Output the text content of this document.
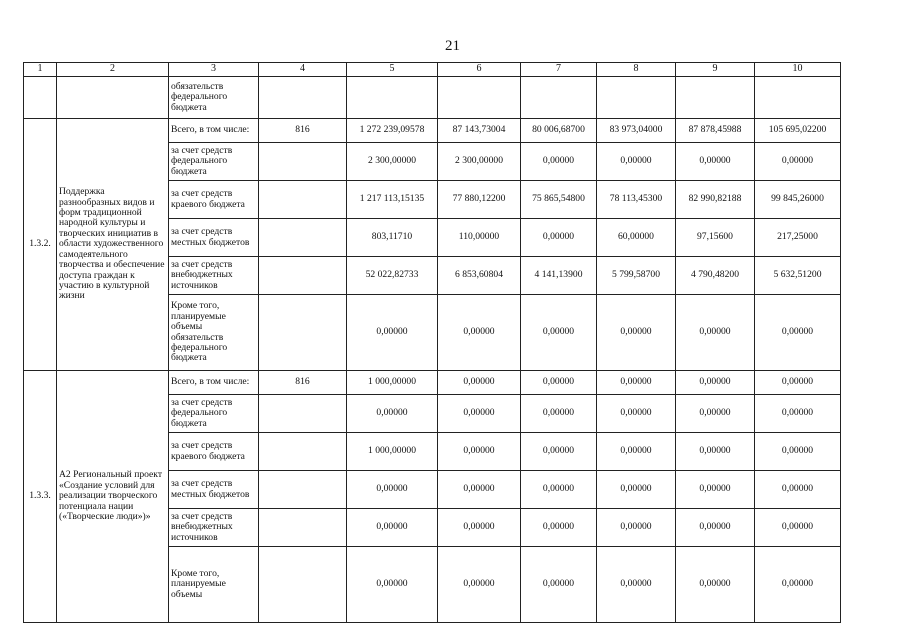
21
1	2	3	4	5	6	7	8	9	10
		обязательств федерального бюджета							
1.3.2.	Поддержка разнообразных видов и форм традиционной народной культуры и творческих инициатив в области художественного самодеятельного творчества и обеспечение доступа граждан к участию в культурной жизни	Всего, в том числе:	816	1 272 239,09578	87 143,73004	80 006,68700	83 973,04000	87 878,45988	105 695,02200
		за счет средств федерального бюджета		2 300,00000	2 300,00000	0,00000	0,00000	0,00000	0,00000
		за счет средств краевого бюджета		1 217 113,15135	77 880,12200	75 865,54800	78 113,45300	82 990,82188	99 845,26000
		за счет средств местных бюджетов		803,11710	110,00000	0,00000	60,00000	97,15600	217,25000
		за счет средств внебюджетных источников		52 022,82733	6 853,60804	4 141,13900	5 799,58700	4 790,48200	5 632,51200
		Кроме того, планируемые объемы обязательств федерального бюджета		0,00000	0,00000	0,00000	0,00000	0,00000	0,00000
1.3.3.	А2 Региональный проект «Создание условий для реализации творческого потенциала нации («Творческие люди»)»	Всего, в том числе:	816	1 000,00000	0,00000	0,00000	0,00000	0,00000	0,00000
		за счет средств федерального бюджета		0,00000	0,00000	0,00000	0,00000	0,00000	0,00000
		за счет средств краевого бюджета		1 000,00000	0,00000	0,00000	0,00000	0,00000	0,00000
		за счет средств местных бюджетов		0,00000	0,00000	0,00000	0,00000	0,00000	0,00000
		за счет средств внебюджетных источников		0,00000	0,00000	0,00000	0,00000	0,00000	0,00000
		Кроме того, планируемые объемы		0,00000	0,00000	0,00000	0,00000	0,00000	0,00000
